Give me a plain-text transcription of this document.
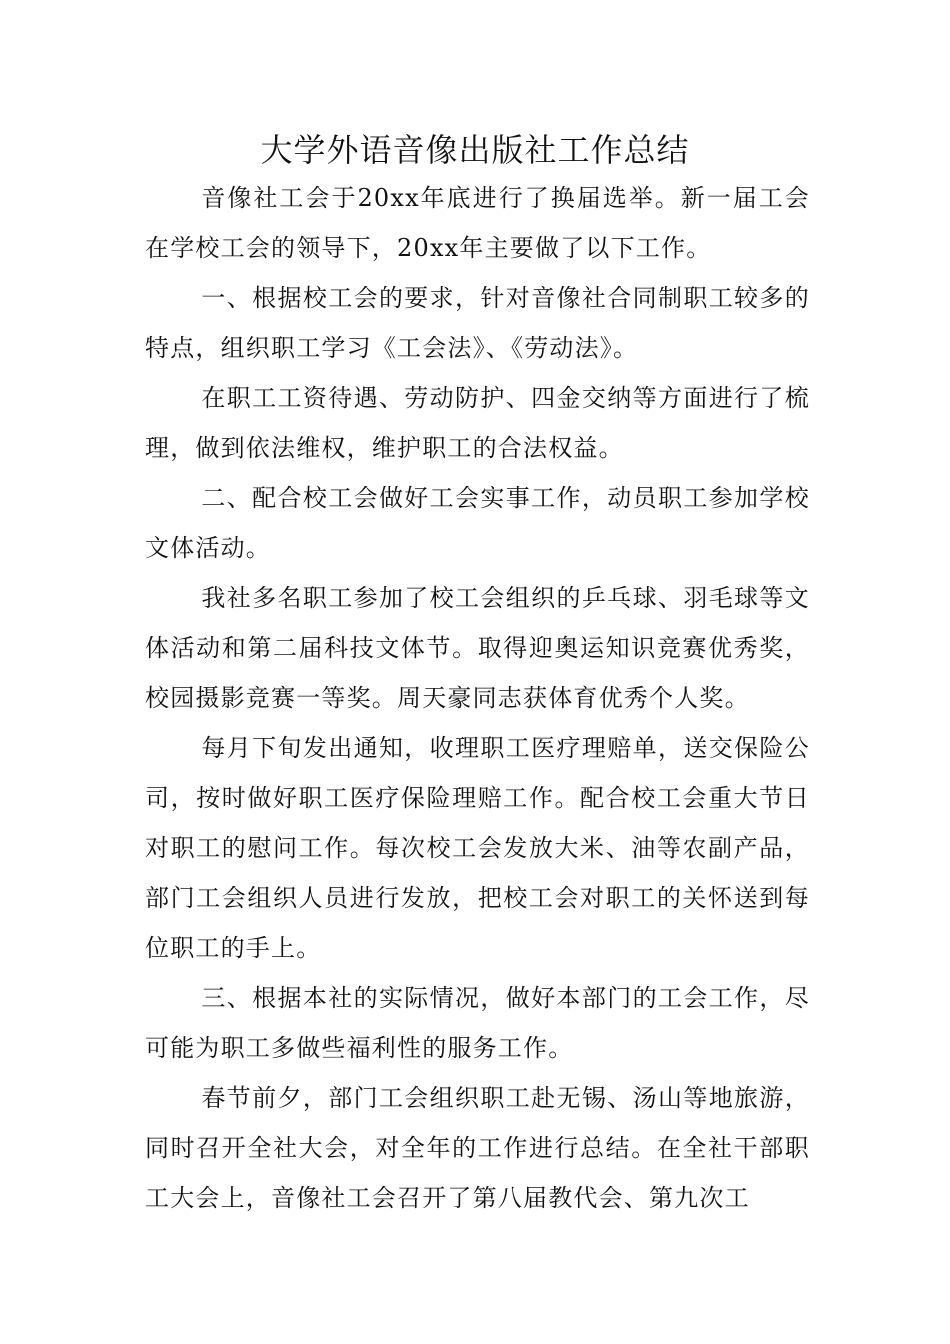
大学外语音像出版社工作总结

音像社工会于20xx年底进行了换届选举。新一届工会在学校工会的领导下，20xx年主要做了以下工作。

一、根据校工会的要求，针对音像社合同制职工较多的特点，组织职工学习《工会法》、《劳动法》。

在职工工资待遇、劳动防护、四金交纳等方面进行了梳理，做到依法维权，维护职工的合法权益。

二、配合校工会做好工会实事工作，动员职工参加学校文体活动。

我社多名职工参加了校工会组织的乒乓球、羽毛球等文体活动和第二届科技文体节。取得迎奥运知识竞赛优秀奖，校园摄影竞赛一等奖。周天豪同志获体育优秀个人奖。

每月下旬发出通知，收理职工医疗理赔单，送交保险公司，按时做好职工医疗保险理赔工作。配合校工会重大节日对职工的慰问工作。每次校工会发放大米、油等农副产品，部门工会组织人员进行发放，把校工会对职工的关怀送到每位职工的手上。

三、根据本社的实际情况，做好本部门的工会工作，尽可能为职工多做些福利性的服务工作。

春节前夕，部门工会组织职工赴无锡、汤山等地旅游，同时召开全社大会，对全年的工作进行总结。在全社干部职工大会上，音像社工会召开了第八届教代会、第九次工
